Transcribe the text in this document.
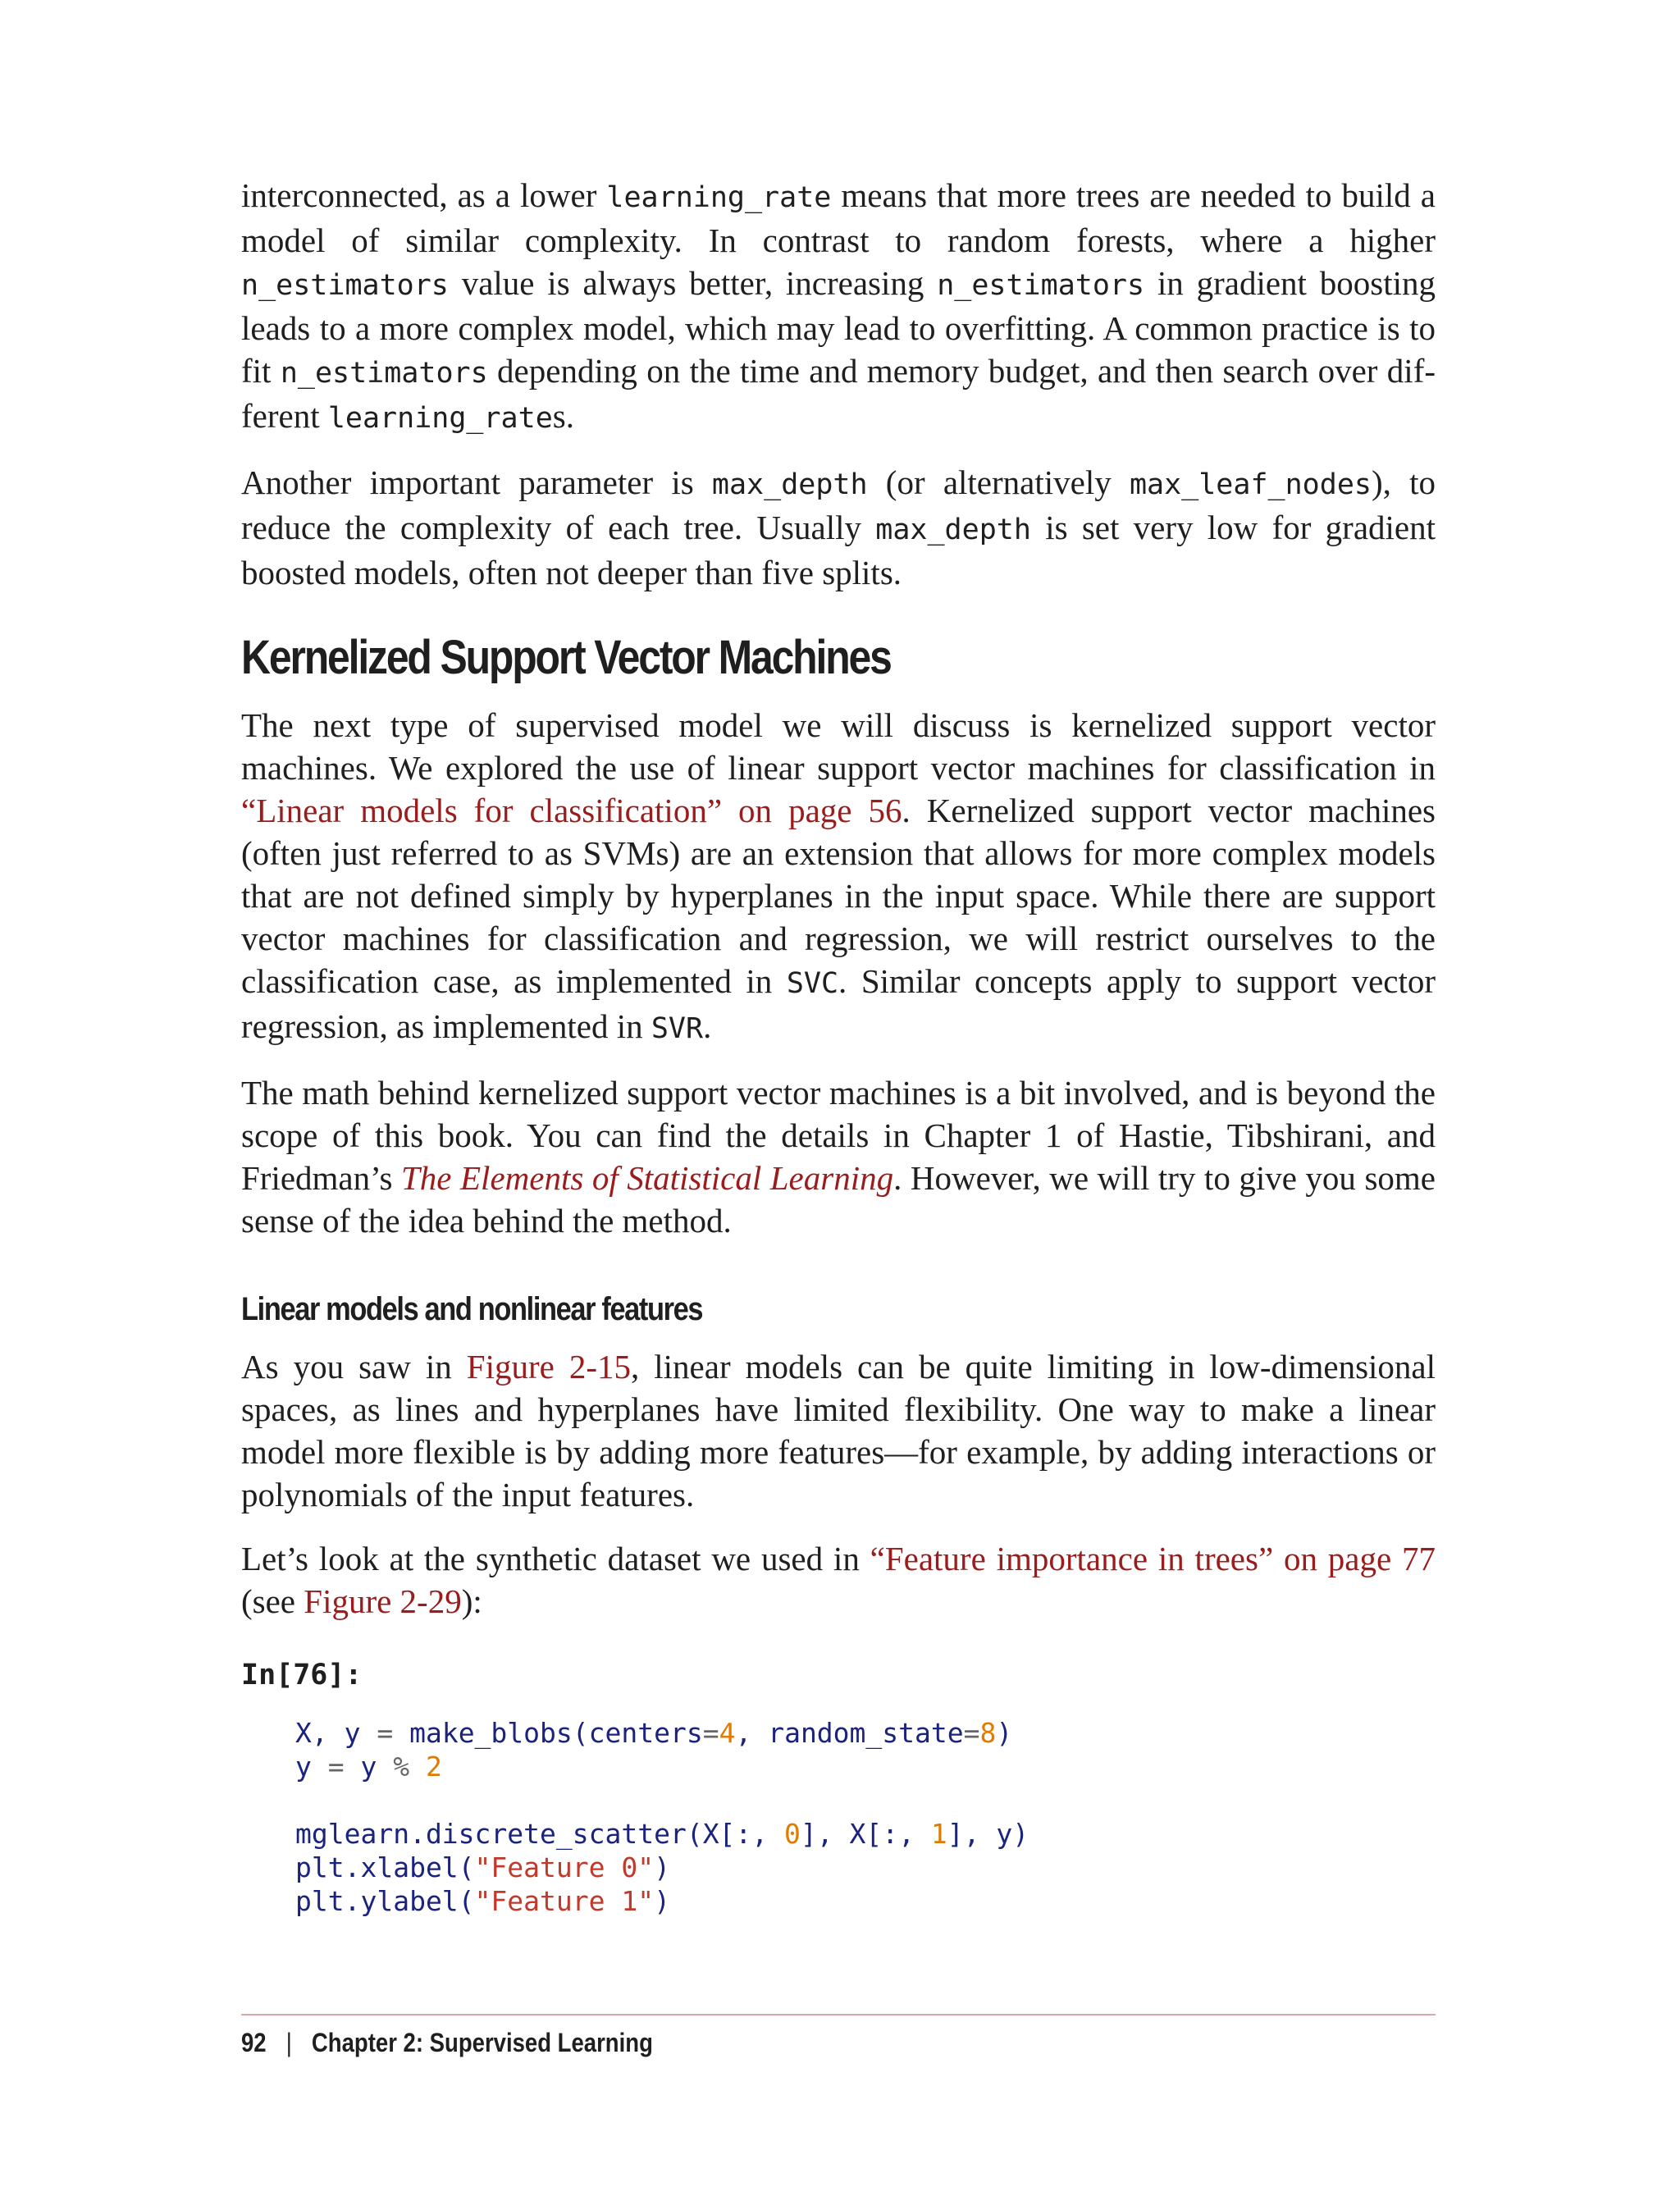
interconnected, as a lower learning_rate means that more trees are needed to build a model of similar complexity. In contrast to random forests, where a higher n_estimators value is always better, increasing n_estimators in gradient boosting leads to a more complex model, which may lead to overfitting. A common practice is to fit n_estimators depending on the time and memory budget, and then search over different learning_rates.

Another important parameter is max_depth (or alternatively max_leaf_nodes), to reduce the complexity of each tree. Usually max_depth is set very low for gradient boosted models, often not deeper than five splits.

Kernelized Support Vector Machines

The next type of supervised model we will discuss is kernelized support vector machines. We explored the use of linear support vector machines for classification in “Linear models for classification” on page 56. Kernelized support vector machines (often just referred to as SVMs) are an extension that allows for more complex models that are not defined simply by hyperplanes in the input space. While there are support vector machines for classification and regression, we will restrict ourselves to the classification case, as implemented in SVC. Similar concepts apply to support vector regression, as implemented in SVR.

The math behind kernelized support vector machines is a bit involved, and is beyond the scope of this book. You can find the details in Chapter 1 of Hastie, Tibshirani, and Friedman’s The Elements of Statistical Learning. However, we will try to give you some sense of the idea behind the method.

Linear models and nonlinear features

As you saw in Figure 2-15, linear models can be quite limiting in low-dimensional spaces, as lines and hyperplanes have limited flexibility. One way to make a linear model more flexible is by adding more features—for example, by adding interactions or polynomials of the input features.

Let’s look at the synthetic dataset we used in “Feature importance in trees” on page 77 (see Figure 2-29):

In[76]:
X, y = make_blobs(centers=4, random_state=8)
y = y % 2

mglearn.discrete_scatter(X[:, 0], X[:, 1], y)
plt.xlabel("Feature 0")
plt.ylabel("Feature 1")
92 | Chapter 2: Supervised Learning
